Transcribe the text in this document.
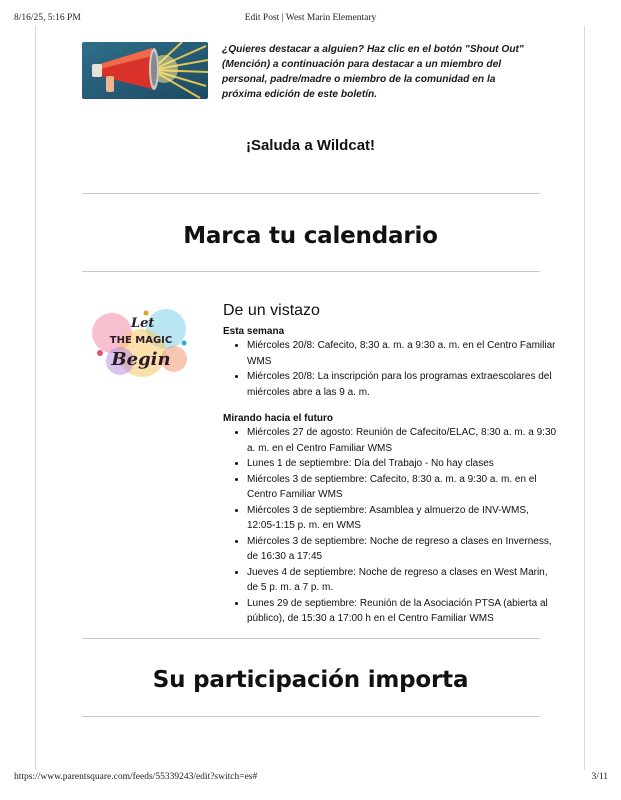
8/16/25, 5:16 PM	Edit Post | West Marin Elementary
¿Quieres destacar a alguien? Haz clic en el botón "Shout Out" (Mención) a continuación para destacar a un miembro del personal, padre/madre o miembro de la comunidad en la próxima edición de este boletín.
¡Saluda a Wildcat!
Marca tu calendario
Let
THE MAGIC
Begin
De un vistazo
Esta semana
• Miércoles 20/8: Cafecito, 8:30 a. m. a 9:30 a. m. en el Centro Familiar WMS
• Miércoles 20/8: La inscripción para los programas extraescolares del miércoles abre a las 9 a. m.
Mirando hacia el futuro
• Miércoles 27 de agosto: Reunión de Cafecito/ELAC, 8:30 a. m. a 9:30 a. m. en el Centro Familiar WMS
• Lunes 1 de septiembre: Día del Trabajo - No hay clases
• Miércoles 3 de septiembre: Cafecito, 8:30 a. m. a 9:30 a. m. en el Centro Familiar WMS
• Miércoles 3 de septiembre: Asamblea y almuerzo de INV-WMS, 12:05-1:15 p. m. en WMS
• Miércoles 3 de septiembre: Noche de regreso a clases en Inverness, de 16:30 a 17:45
• Jueves 4 de septiembre: Noche de regreso a clases en West Marin, de 5 p. m. a 7 p. m.
• Lunes 29 de septiembre: Reunión de la Asociación PTSA (abierta al público), de 15:30 a 17:00 h en el Centro Familiar WMS
Su participación importa
https://www.parentsquare.com/feeds/55339243/edit?switch=es#	3/11
